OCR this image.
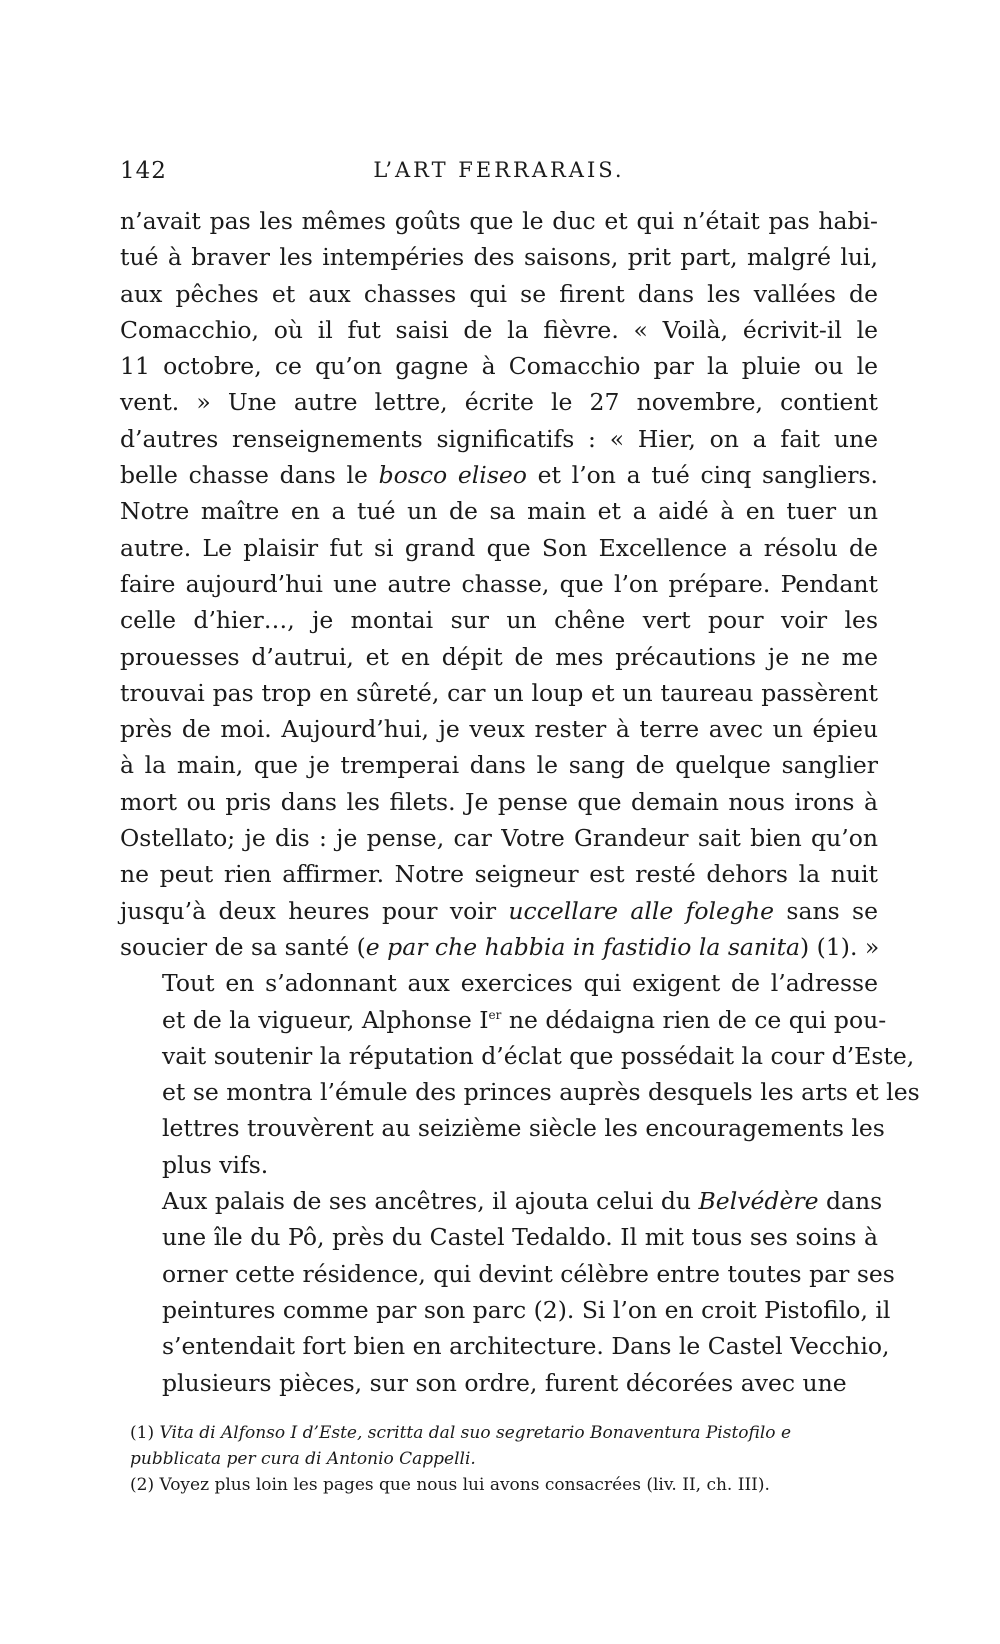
142	L’ART FERRARAIS.

n’avait pas les mêmes goûts que le duc et qui n’était pas habi-
tué à braver les intempéries des saisons, prit part, malgré lui,
aux pêches et aux chasses qui se firent dans les vallées de
Comacchio, où il fut saisi de la fièvre. « Voilà, écrivit-il le
11 octobre, ce qu’on gagne à Comacchio par la pluie ou le
vent. » Une autre lettre, écrite le 27 novembre, contient
d’autres renseignements significatifs : « Hier, on a fait une
belle chasse dans le bosco eliseo et l’on a tué cinq sangliers.
Notre maître en a tué un de sa main et a aidé à en tuer un
autre. Le plaisir fut si grand que Son Excellence a résolu de
faire aujourd’hui une autre chasse, que l’on prépare. Pendant
celle d’hier…, je montai sur un chêne vert pour voir les
prouesses d’autrui, et en dépit de mes précautions je ne me
trouvai pas trop en sûreté, car un loup et un taureau passèrent
près de moi. Aujourd’hui, je veux rester à terre avec un épieu
à la main, que je tremperai dans le sang de quelque sanglier
mort ou pris dans les filets. Je pense que demain nous irons à
Ostellato; je dis : je pense, car Votre Grandeur sait bien qu’on
ne peut rien affirmer. Notre seigneur est resté dehors la nuit
jusqu’à deux heures pour voir uccellare alle foleghe sans se
soucier de sa santé (e par che habbia in fastidio la sanita) (1). »

Tout en s’adonnant aux exercices qui exigent de l’adresse
et de la vigueur, Alphonse Ier ne dédaigna rien de ce qui pou-
vait soutenir la réputation d’éclat que possédait la cour d’Este,
et se montra l’émule des princes auprès desquels les arts et les
lettres trouvèrent au seizième siècle les encouragements les
plus vifs.

Aux palais de ses ancêtres, il ajouta celui du Belvédère dans
une île du Pô, près du Castel Tedaldo. Il mit tous ses soins à
orner cette résidence, qui devint célèbre entre toutes par ses
peintures comme par son parc (2). Si l’on en croit Pistofilo, il
s’entendait fort bien en architecture. Dans le Castel Vecchio,
plusieurs pièces, sur son ordre, furent décorées avec une

(1) Vita di Alfonso I d’Este, scritta dal suo segretario Bonaventura Pistofilo e
pubblicata per cura di Antonio Cappelli.

(2) Voyez plus loin les pages que nous lui avons consacrées (liv. II, ch. III).
